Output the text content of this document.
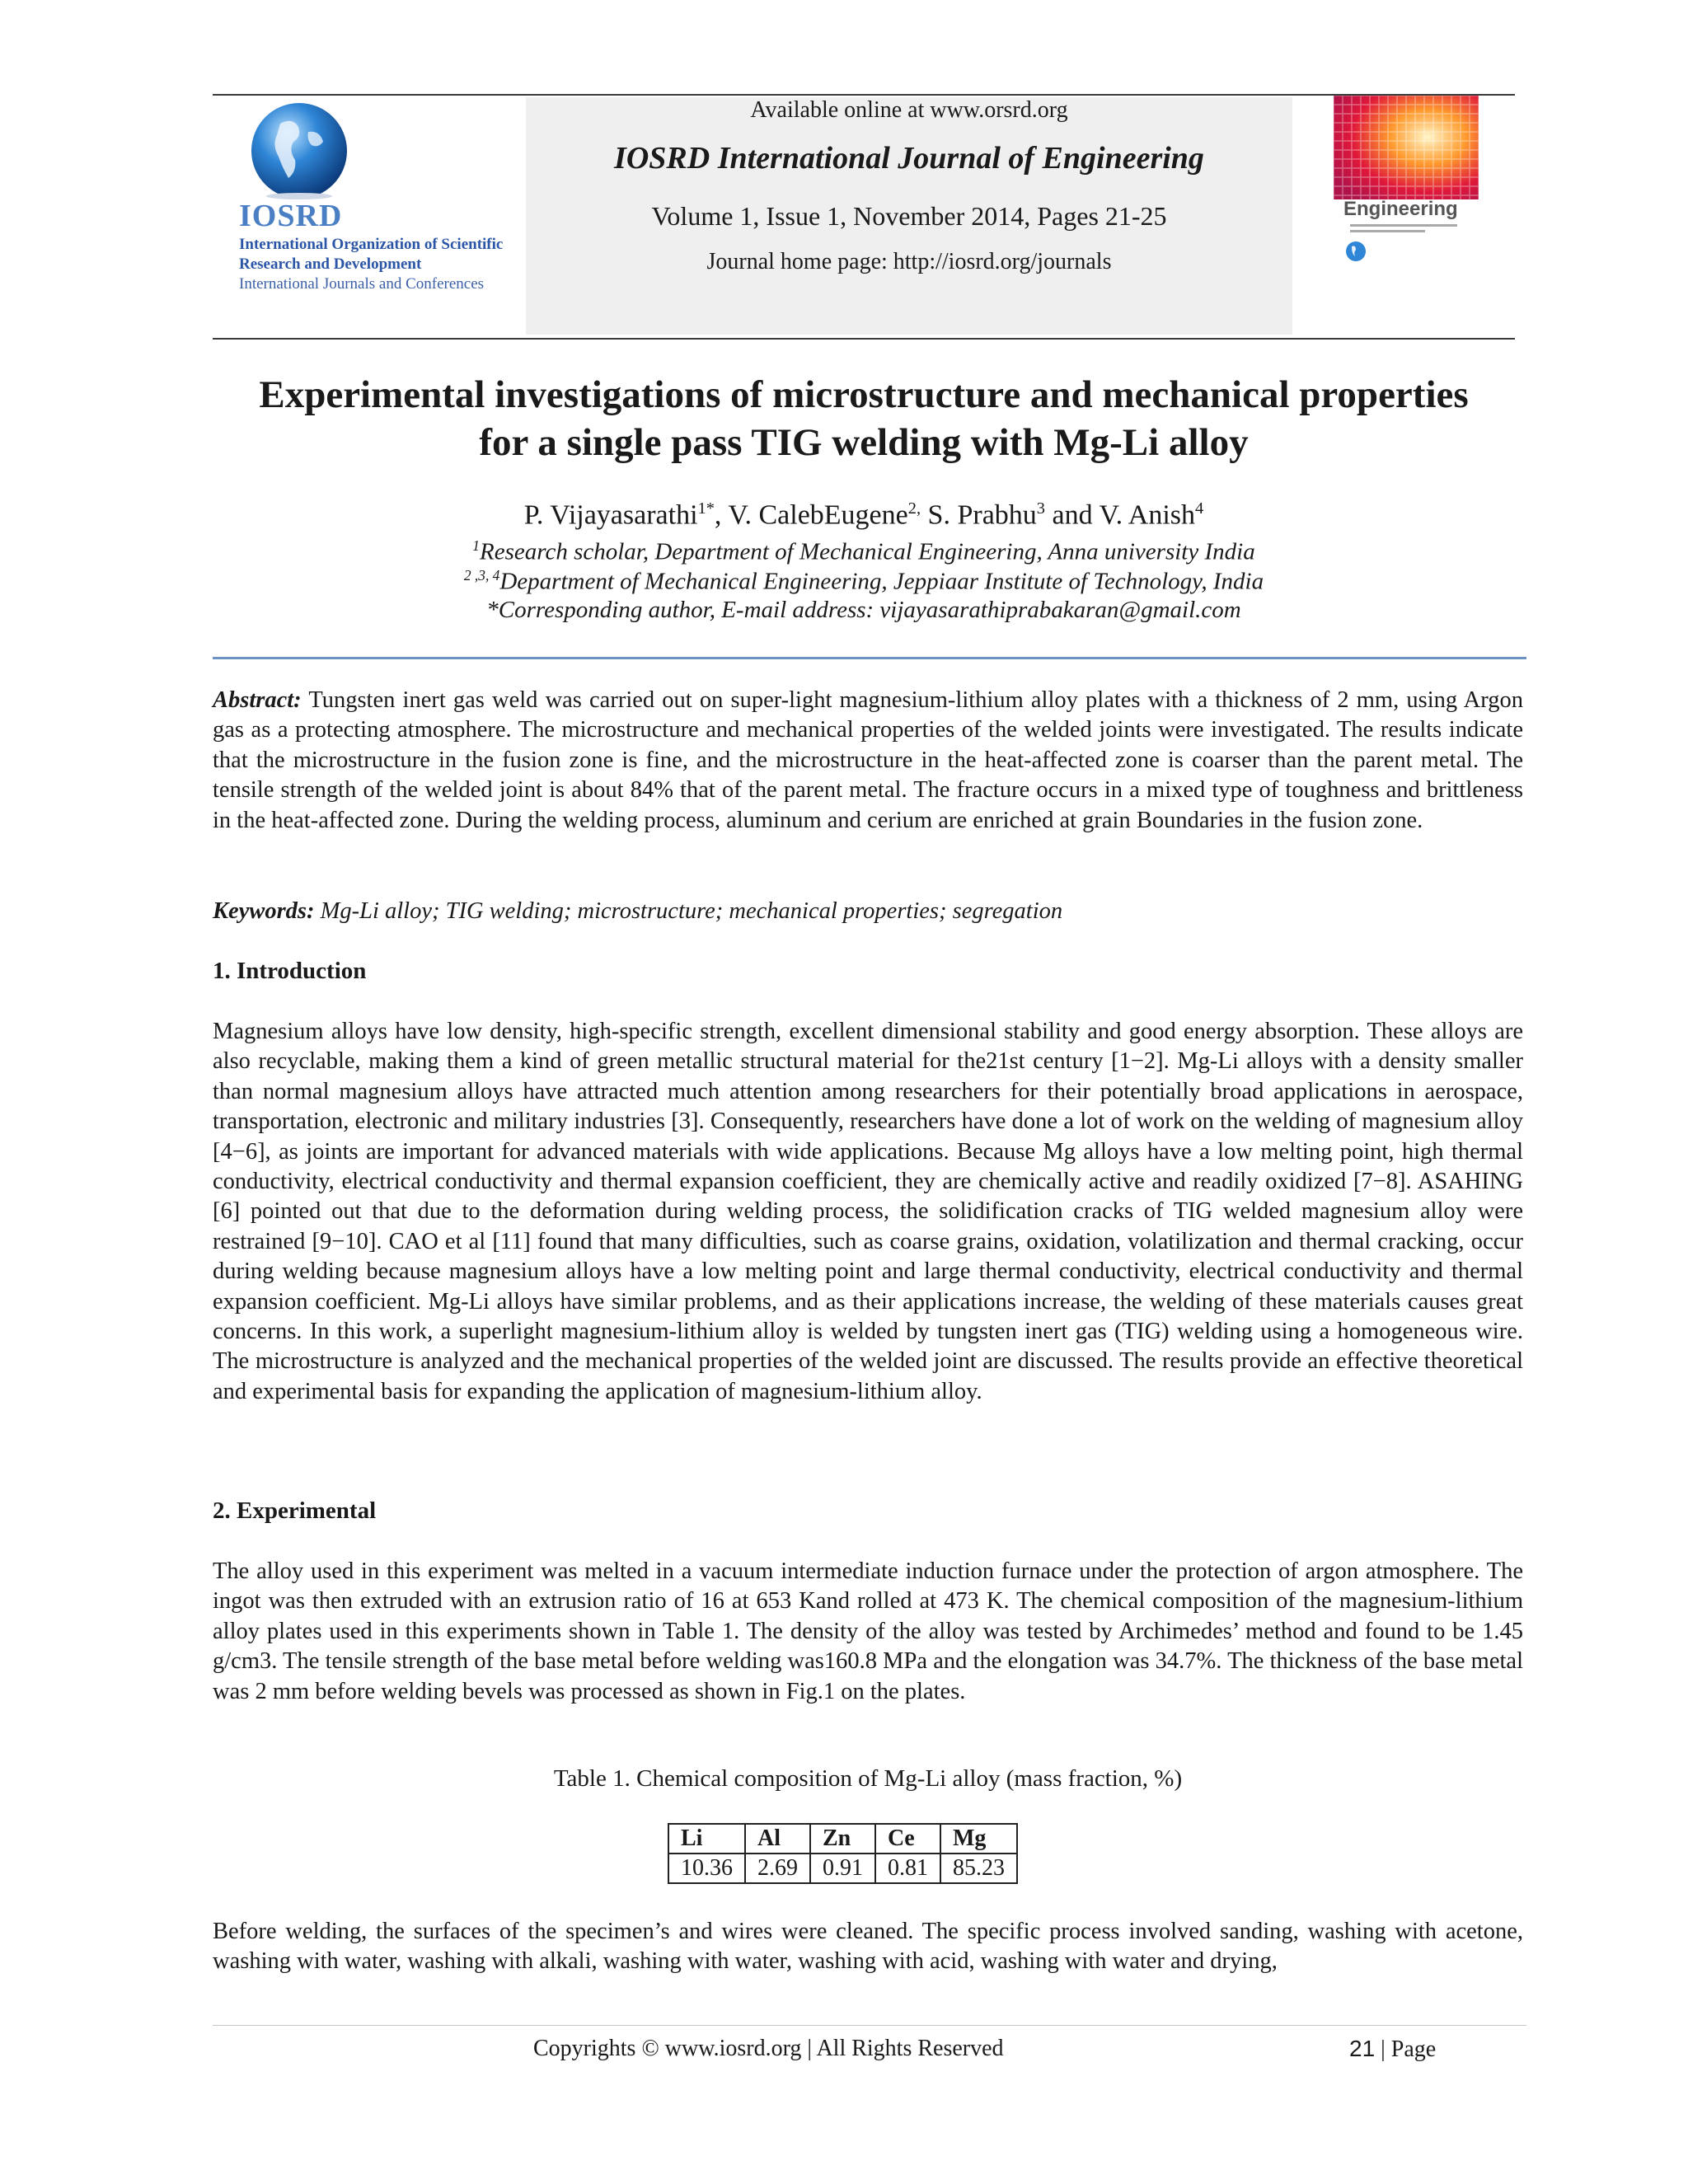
IOSRD
International Organization of Scientific
Research and Development
International Journals and Conferences
Available online at www.orsrd.org
IOSRD International Journal of Engineering
Volume 1, Issue 1, November 2014, Pages 21-25
Journal home page: http://iosrd.org/journals
Engineering
Experimental investigations of microstructure and mechanical properties
for a single pass TIG welding with Mg-Li alloy
P. Vijayasarathi$^{1*}$, V. CalebEugene$^{2,}$ S. Prabhu$^3$ and V. Anish$^4$
$^1$Research scholar, Department of Mechanical Engineering, Anna university India
$^{2 ,3, 4}$Department of Mechanical Engineering, Jeppiaar Institute of Technology, India
*Corresponding author, E-mail address: vijayasarathiprabakaran@gmail.com

Abstract: Tungsten inert gas weld was carried out on super-light magnesium-lithium alloy plates with a thickness of 2 mm, using Argon gas as a protecting atmosphere. The microstructure and mechanical properties of the welded joints were investigated. The results indicate that the microstructure in the fusion zone is fine, and the microstructure in the heat-affected zone is coarser than the parent metal. The tensile strength of the welded joint is about 84% that of the parent metal. The fracture occurs in a mixed type of toughness and brittleness in the heat-affected zone. During the welding process, aluminum and cerium are enriched at grain Boundaries in the fusion zone.

Keywords: Mg-Li alloy; TIG welding; microstructure; mechanical properties; segregation

1. Introduction

Magnesium alloys have low density, high-specific strength, excellent dimensional stability and good energy absorption. These alloys are also recyclable, making them a kind of green metallic structural material for the21st century [1−2]. Mg-Li alloys with a density smaller than normal magnesium alloys have attracted much attention among researchers for their potentially broad applications in aerospace, transportation, electronic and military industries [3]. Consequently, researchers have done a lot of work on the welding of magnesium alloy [4−6], as joints are important for advanced materials with wide applications. Because Mg alloys have a low melting point, high thermal conductivity, electrical conductivity and thermal expansion coefficient, they are chemically active and readily oxidized [7−8]. ASAHING [6] pointed out that due to the deformation during welding process, the solidification cracks of TIG welded magnesium alloy were restrained [9−10]. CAO et al [11] found that many difficulties, such as coarse grains, oxidation, volatilization and thermal cracking, occur during welding because magnesium alloys have a low melting point and large thermal conductivity, electrical conductivity and thermal expansion coefficient. Mg-Li alloys have similar problems, and as their applications increase, the welding of these materials causes great concerns. In this work, a superlight magnesium-lithium alloy is welded by tungsten inert gas (TIG) welding using a homogeneous wire. The microstructure is analyzed and the mechanical properties of the welded joint are discussed. The results provide an effective theoretical and experimental basis for expanding the application of magnesium-lithium alloy.

2. Experimental

The alloy used in this experiment was melted in a vacuum intermediate induction furnace under the protection of argon atmosphere. The ingot was then extruded with an extrusion ratio of 16 at 653 Kand rolled at 473 K. The chemical composition of the magnesium-lithium alloy plates used in this experiments shown in Table 1. The density of the alloy was tested by Archimedes’ method and found to be 1.45 g/cm3. The tensile strength of the base metal before welding was160.8 MPa and the elongation was 34.7%. The thickness of the base metal was 2 mm before welding bevels was processed as shown in Fig.1 on the plates.

Table 1. Chemical composition of Mg-Li alloy (mass fraction, %)
Li	Al	Zn	Ce	Mg
10.36	2.69	0.91	0.81	85.23

Before welding, the surfaces of the specimen’s and wires were cleaned. The specific process involved sanding, washing with acetone, washing with water, washing with alkali, washing with water, washing with acid, washing with water and drying,

Copyrights © www.iosrd.org | All Rights Reserved	21 | Page
